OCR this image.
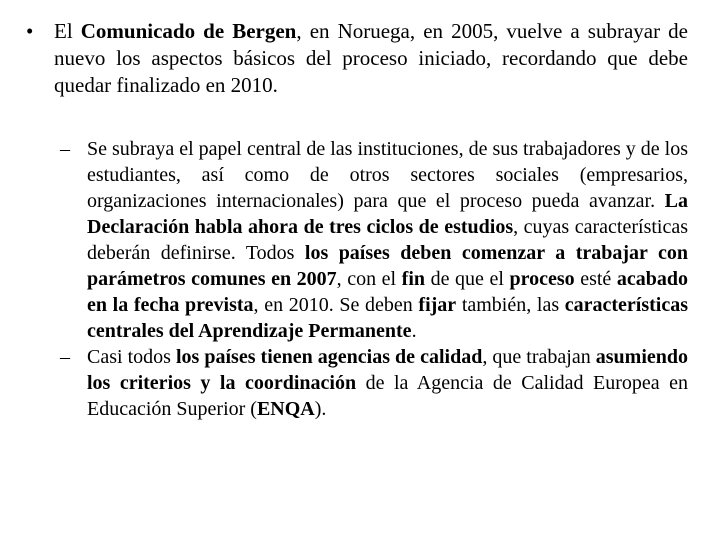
• El Comunicado de Bergen, en Noruega, en 2005, vuelve a subrayar de nuevo los aspectos básicos del proceso iniciado, recordando que debe quedar finalizado en 2010.
– Se subraya el papel central de las instituciones, de sus trabajadores y de los estudiantes, así como de otros sectores sociales (empresarios, organizaciones internacionales) para que el proceso pueda avanzar. La Declaración habla ahora de tres ciclos de estudios, cuyas características deberán definirse. Todos los países deben comenzar a trabajar con parámetros comunes en 2007, con el fin de que el proceso esté acabado en la fecha prevista, en 2010. Se deben fijar también, las características centrales del Aprendizaje Permanente.
– Casi todos los países tienen agencias de calidad, que trabajan asumiendo los criterios y la coordinación de la Agencia de Calidad Europea en Educación Superior (ENQA).
